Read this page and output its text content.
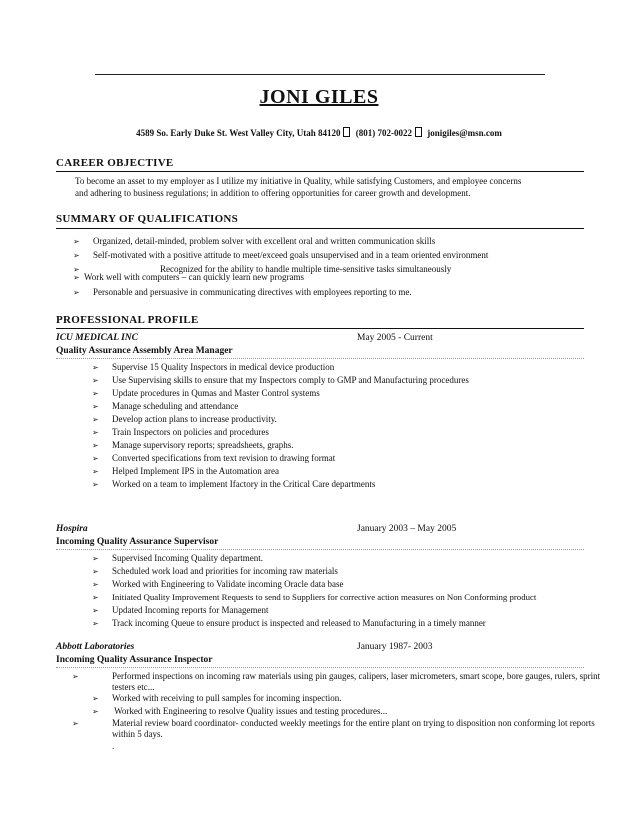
JONI GILES
4589 So. Early Duke St. West Valley City, Utah 84120 (801) 702-0022 jonigiles@msn.com
CAREER OBJECTIVE
To become an asset to my employer as I utilize my initiative in Quality, while satisfying Customers, and employee concerns
and adhering to business regulations; in addition to offering opportunities for career growth and development.
SUMMARY OF QUALIFICATIONS
➢ Organized, detail-minded, problem solver with excellent oral and written communication skills
➢ Self-motivated with a positive attitude to meet/exceed goals unsupervised and in a team oriented environment
➢	Recognized for the ability to handle multiple time-sensitive tasks simultaneously
➢ Work well with computers – can quickly learn new programs
➢ Personable and persuasive in communicating directives with employees reporting to me.
PROFESSIONAL PROFILE
ICU MEDICAL INC	May 2005 - Current
Quality Assurance Assembly Area Manager
➢ Supervise 15 Quality Inspectors in medical device production
➢ Use Supervising skills to ensure that my Inspectors comply to GMP and Manufacturing procedures
➢ Update procedures in Qumas and Master Control systems
➢ Manage scheduling and attendance
➢ Develop action plans to increase productivity.
➢ Train Inspectors on policies and procedures
➢ Manage supervisory reports; spreadsheets, graphs.
➢ Converted specifications from text revision to drawing format
➢ Helped Implement IPS in the Automation area
➢ Worked on a team to implement Ifactory in the Critical Care departments
Hospira	January 2003 – May 2005
Incoming Quality Assurance Supervisor
➢ Supervised Incoming Quality department.
➢ Scheduled work load and priorities for incoming raw materials
➢ Worked with Engineering to Validate incoming Oracle data base
➢ Initiated Quality Improvement Requests to send to Suppliers for corrective action measures on Non Conforming product
➢ Updated Incoming reports for Management
➢ Track incoming Queue to ensure product is inspected and released to Manufacturing in a timely manner
Abbott Laboratories	January 1987- 2003
Incoming Quality Assurance Inspector
➢	Performed inspections on incoming raw materials using pin gauges, calipers, laser micrometers, smart scope, bore gauges, rulers, sprint testers etc...
➢ Worked with receiving to pull samples for incoming inspection.
➢ Worked with Engineering to resolve Quality issues and testing procedures...
➢	Material review board coordinator- conducted weekly meetings for the entire plant on trying to disposition non conforming lot reports within 5 days.
.
